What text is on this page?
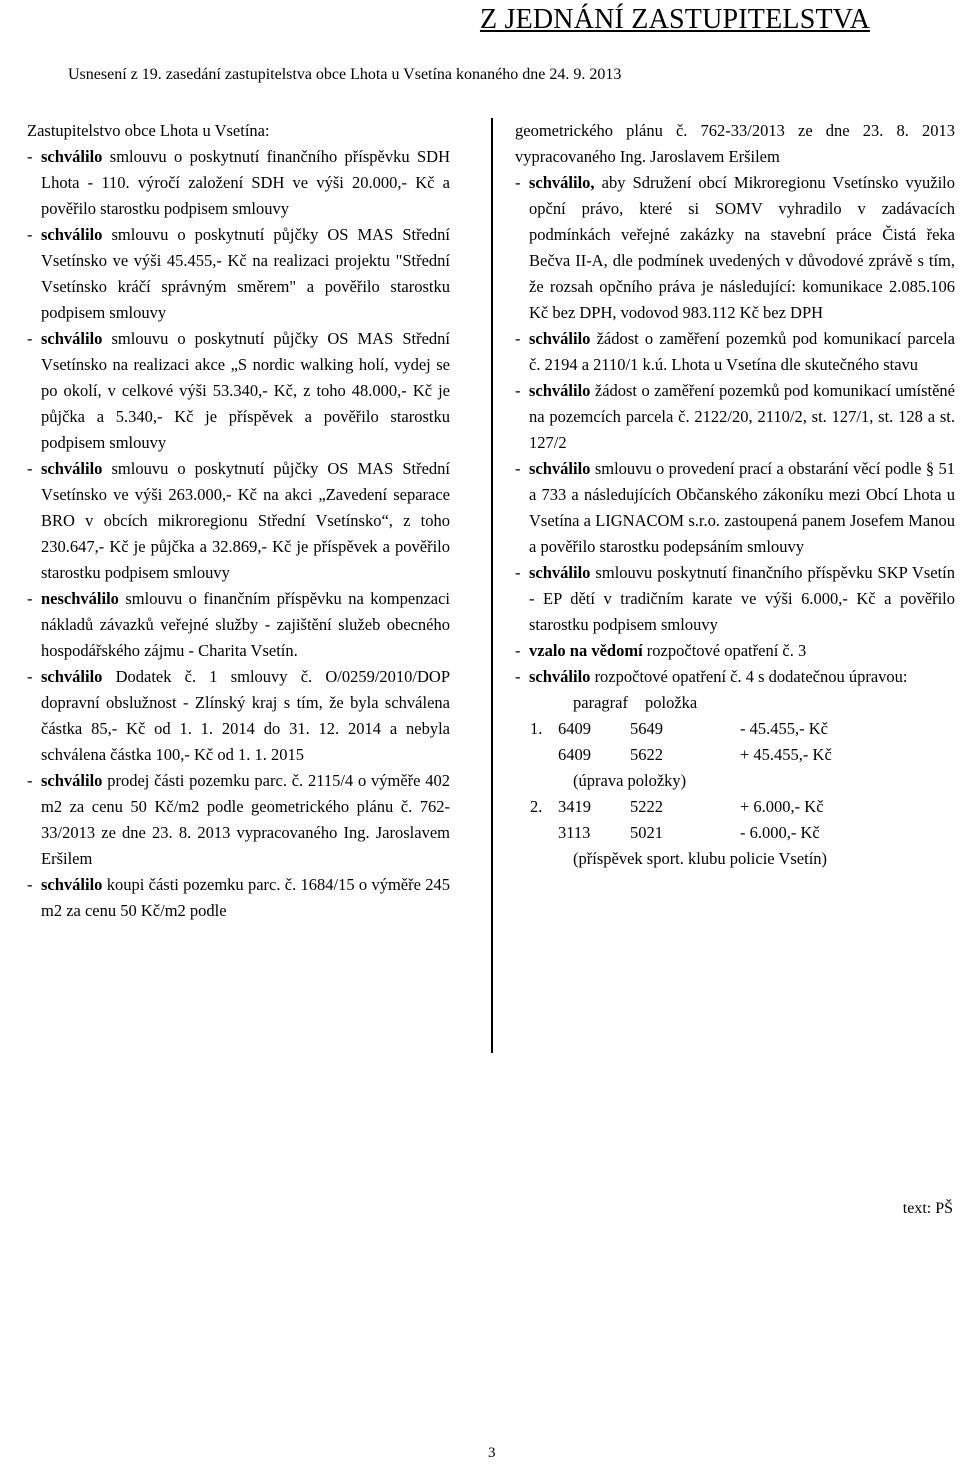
Z JEDNÁNÍ ZASTUPITELSTVA
Usnesení z 19. zasedání zastupitelstva obce Lhota u Vsetína konaného dne 24. 9. 2013

Zastupitelstvo obce Lhota u Vsetína:

- schválilo smlouvu o poskytnutí finančního příspěvku SDH Lhota - 110. výročí založení SDH ve výši 20.000,- Kč a pověřilo starostku podpisem smlouvy
- schválilo smlouvu o poskytnutí půjčky OS MAS Střední Vsetínsko ve výši 45.455,- Kč na realizaci projektu "Střední Vsetínsko kráčí správným směrem" a pověřilo starostku podpisem smlouvy
- schválilo smlouvu o poskytnutí půjčky OS MAS Střední Vsetínsko na realizaci akce „S nordic walking holí, vydej se po okolí, v celkové výši 53.340,- Kč, z toho 48.000,- Kč je půjčka a 5.340,- Kč je příspěvek a pověřilo starostku podpisem smlouvy
- schválilo smlouvu o poskytnutí půjčky OS MAS Střední Vsetínsko ve výši 263.000,- Kč na akci „Zavedení separace BRO v obcích mikroregionu Střední Vsetínsko“, z toho 230.647,- Kč je půjčka a 32.869,- Kč je příspěvek a pověřilo starostku podpisem smlouvy
- neschválilo smlouvu o finančním příspěvku na kompenzaci nákladů závazků veřejné služby - zajištění služeb obecného hospodářského zájmu - Charita Vsetín.
- schválilo Dodatek č. 1 smlouvy č. O/0259/2010/DOP dopravní obslužnost - Zlínský kraj s tím, že byla schválena částka 85,- Kč od 1. 1. 2014 do 31. 12. 2014 a nebyla schválena částka 100,- Kč od 1. 1. 2015
- schválilo prodej části pozemku parc. č. 2115/4 o výměře 402 m2 za cenu 50 Kč/m2 podle geometrického plánu č. 762-33/2013 ze dne 23. 8. 2013 vypracovaného Ing. Jaroslavem Eršilem
- schválilo koupi části pozemku parc. č. 1684/15 o výměře 245 m2 za cenu 50 Kč/m2 podle

geometrického plánu č. 762-33/2013 ze dne 23. 8. 2013 vypracovaného Ing. Jaroslavem Eršilem

- schválilo, aby Sdružení obcí Mikroregionu Vsetínsko využilo opční právo, které si SOMV vyhradilo v zadávacích podmínkách veřejné zakázky na stavební práce Čistá řeka Bečva II-A, dle podmínek uvedených v důvodové zprávě s tím, že rozsah opčního práva je následující: komunikace 2.085.106 Kč bez DPH, vodovod 983.112 Kč bez DPH
- schválilo žádost o zaměření pozemků pod komunikací parcela č. 2194 a 2110/1 k.ú. Lhota u Vsetína dle skutečného stavu
- schválilo žádost o zaměření pozemků pod komunikací umístěné na pozemcích parcela č. 2122/20, 2110/2, st. 127/1, st. 128 a st. 127/2
- schválilo smlouvu o provedení prací a obstarání věcí podle § 51 a 733 a následujících Občanského zákoníku mezi Obcí Lhota u Vsetína a LIGNACOM s.r.o. zastoupená panem Josefem Manou a pověřilo starostku podepsáním smlouvy
- schválilo smlouvu poskytnutí finančního příspěvku SKP Vsetín - EP dětí v tradičním karate ve výši 6.000,- Kč a pověřilo starostku podpisem smlouvy
- vzalo na vědomí rozpočtové opatření č. 3
- schválilo rozpočtové opatření č. 4 s dodatečnou úpravou:
paragraf	položka
1. 6409	5649	- 45.455,- Kč
6409	5622	+ 45.455,- Kč
(úprava položky)
2. 3419	5222	+ 6.000,- Kč
3113	5021	- 6.000,- Kč
(příspěvek sport. klubu policie Vsetín)
text: PŠ
3
